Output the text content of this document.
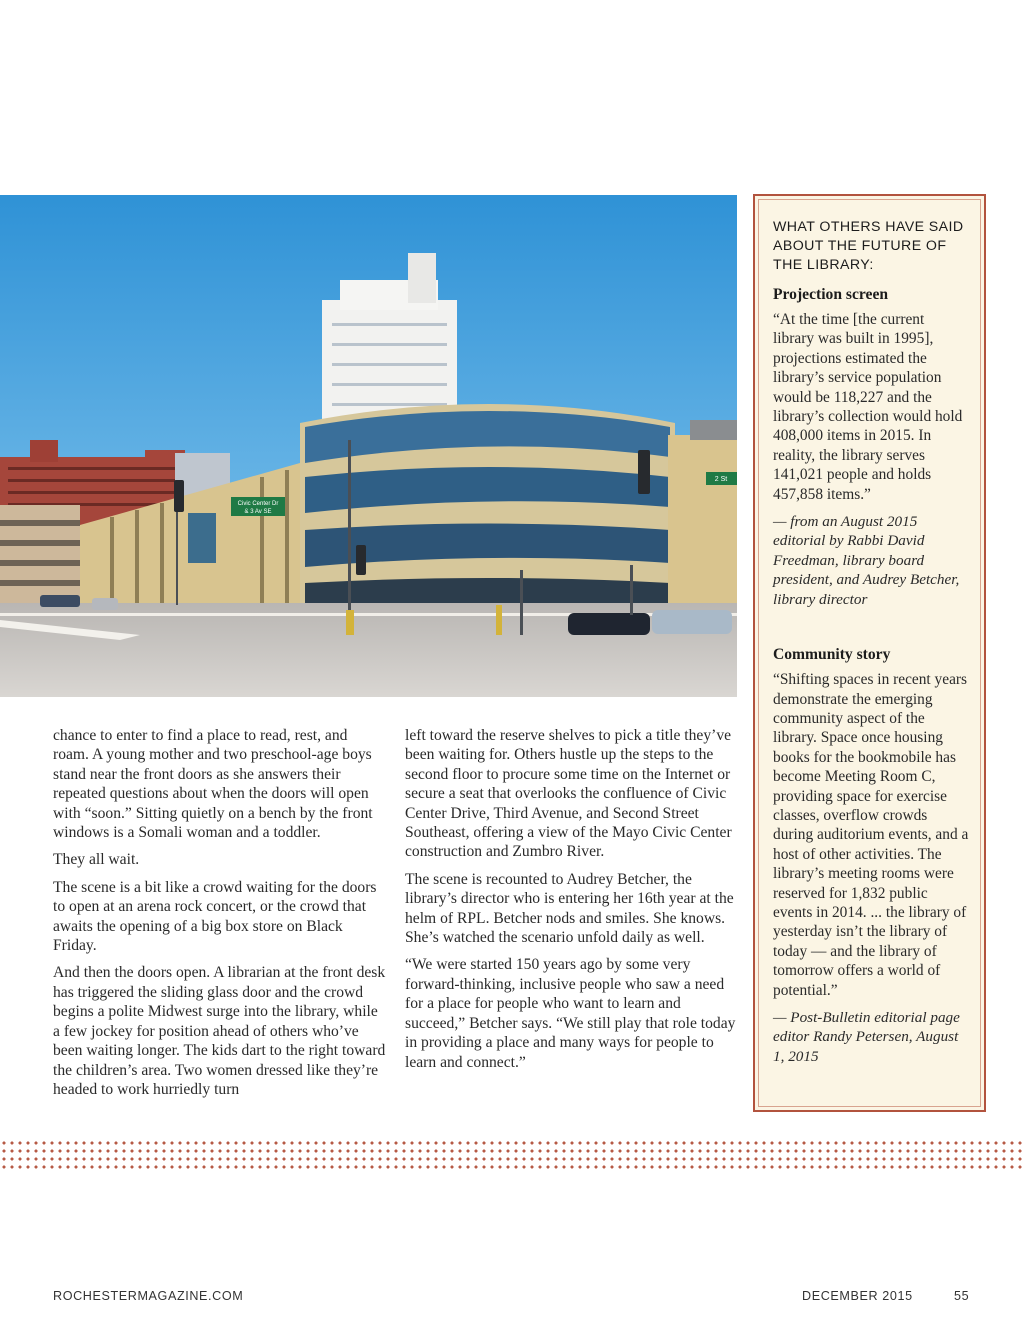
Civic Center Dr
& 3 Av SE
2 St

chance to enter to find a place to read, rest, and roam. A young mother and two preschool-age boys stand near the front doors as she answers their repeated questions about when the doors will open with “soon.” Sitting quietly on a bench by the front windows is a Somali woman and a toddler.

They all wait.

The scene is a bit like a crowd waiting for the doors to open at an arena rock concert, or the crowd that awaits the opening of a big box store on Black Friday.

And then the doors open. A librarian at the front desk has triggered the sliding glass door and the crowd begins a polite Midwest surge into the library, while a few jockey for position ahead of others who’ve been waiting longer. The kids dart to the right toward the children’s area. Two women dressed like they’re headed to work hurriedly turn

left toward the reserve shelves to pick a title they’ve been waiting for. Others hustle up the steps to the second floor to procure some time on the Internet or secure a seat that overlooks the confluence of Civic Center Drive, Third Avenue, and Second Street Southeast, offering a view of the Mayo Civic Center construction and Zumbro River.

The scene is recounted to Audrey Betcher, the library’s director who is entering her 16th year at the helm of RPL. Betcher nods and smiles. She knows. She’s watched the scenario unfold daily as well.

“We were started 150 years ago by some very forward-thinking, inclusive people who saw a need for a place for people who want to learn and succeed,” Betcher says. “We still play that role today in providing a place and many ways for people to learn and connect.”

WHAT OTHERS HAVE SAID ABOUT THE FUTURE OF THE LIBRARY:
Projection screen

“At the time [the current library was built in 1995], projections estimated the library’s service population would be 118,227 and the library’s collection would hold 408,000 items in 2015. In reality, the library serves 141,021 people and holds 457,858 items.”

— from an August 2015 editorial by Rabbi David Freedman, library board president, and Audrey Betcher, library director

Community story

“Shifting spaces in recent years demonstrate the emerging community aspect of the library. Space once housing books for the bookmobile has become Meeting Room C, providing space for exercise classes, overflow crowds during auditorium events, and a host of other activities. The library’s meeting rooms were reserved for 1,832 public events in 2014. ... the library of yesterday isn’t the library of today — and the library of tomorrow offers a world of potential.”

— Post-Bulletin editorial page editor Randy Petersen, August 1, 2015

ROCHESTERMAGAZINE.COM	DECEMBER 2015	55
